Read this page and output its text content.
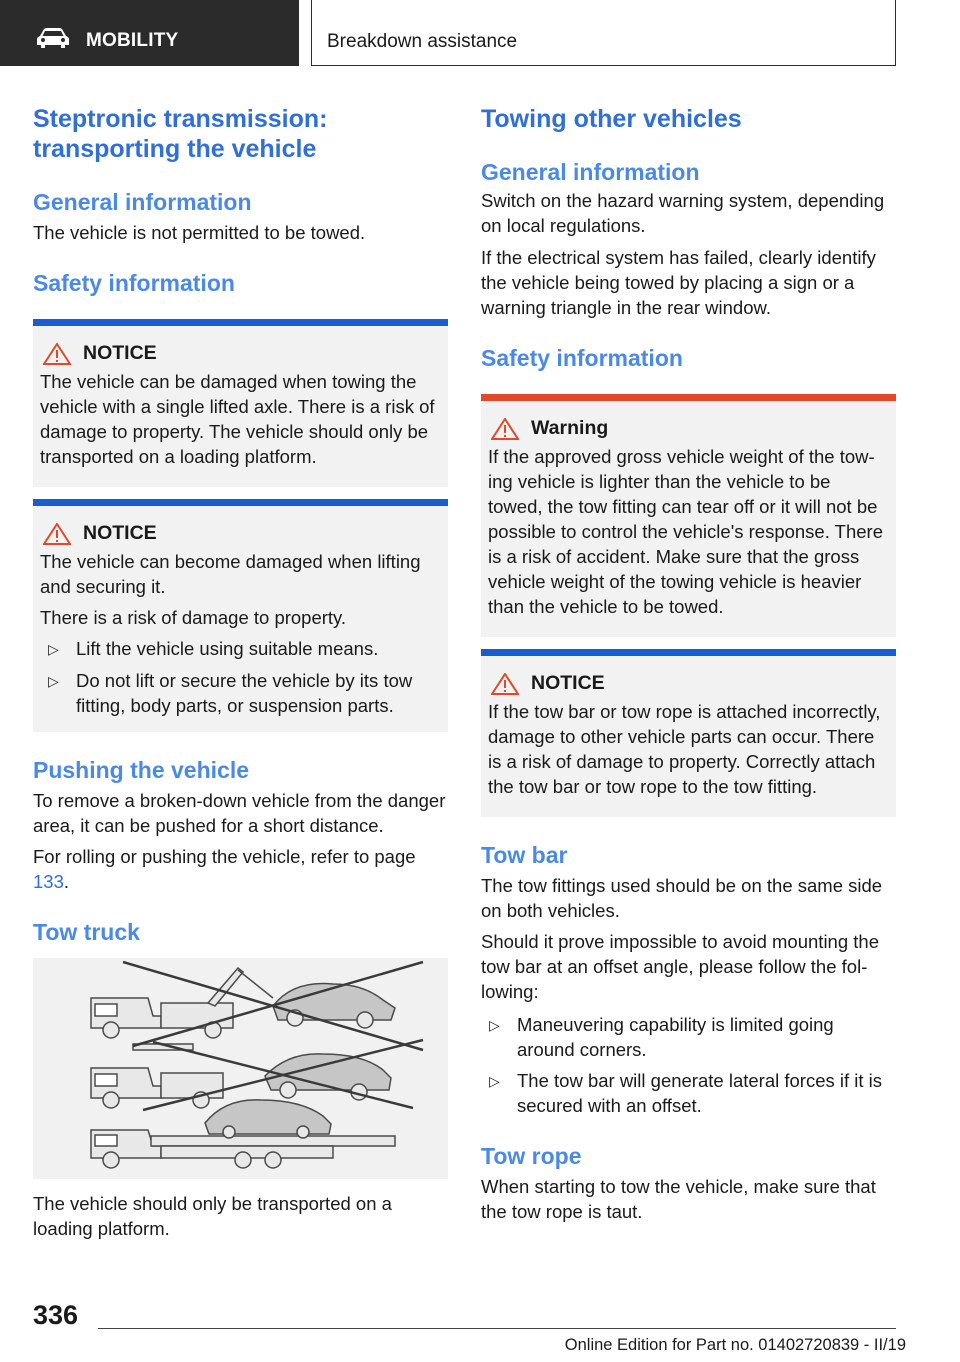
MOBILITY	Breakdown assistance
Steptronic transmission: transporting the vehicle
General information

The vehicle is not permitted to be towed.

Safety information
NOTICE

The vehicle can be damaged when towing the vehicle with a single lifted axle. There is a risk of damage to property. The vehicle should only be transported on a loading platform.

NOTICE

The vehicle can become damaged when lifting and securing it.

There is a risk of damage to property.

▷ Lift the vehicle using suitable means.
▷ Do not lift or secure the vehicle by its tow fitting, body parts, or suspension parts.
Pushing the vehicle

To remove a broken-down vehicle from the danger area, it can be pushed for a short distance.

For rolling or pushing the vehicle, refer to page 133.

Tow truck

The vehicle should only be transported on a loading platform.

Towing other vehicles
General information

Switch on the hazard warning system, depending on local regulations.

If the electrical system has failed, clearly identify the vehicle being towed by placing a sign or a warning triangle in the rear window.

Safety information
Warning

If the approved gross vehicle weight of the towing vehicle is lighter than the vehicle to be towed, the tow fitting can tear off or it will not be possible to control the vehicle's response. There is a risk of accident. Make sure that the gross vehicle weight of the towing vehicle is heavier than the vehicle to be towed.

NOTICE

If the tow bar or tow rope is attached incorrectly, damage to other vehicle parts can occur. There is a risk of damage to property. Correctly attach the tow bar or tow rope to the tow fitting.

Tow bar

The tow fittings used should be on the same side on both vehicles.

Should it prove impossible to avoid mounting the tow bar at an offset angle, please follow the following:

▷ Maneuvering capability is limited going around corners.
▷ The tow bar will generate lateral forces if it is secured with an offset.
Tow rope

When starting to tow the vehicle, make sure that the tow rope is taut.

336
Online Edition for Part no. 01402720839 - II/19
